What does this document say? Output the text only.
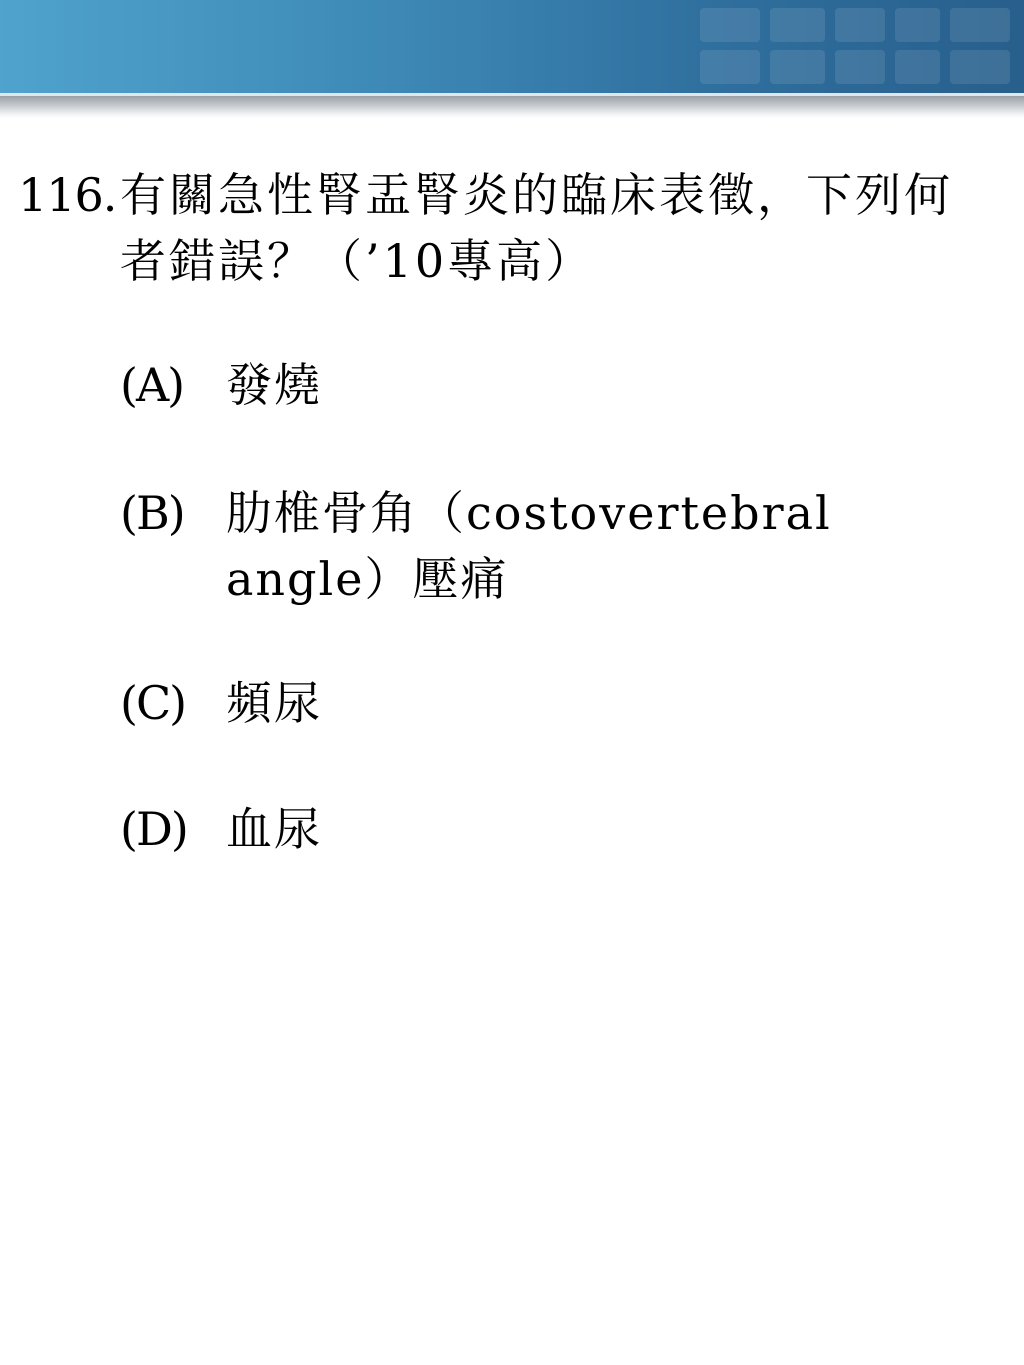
116. 有關急性腎盂腎炎的臨床表徵，下列何者錯誤？（’10專高）
(A) 發燒
(B) 肋椎骨角（costovertebral angle）壓痛
(C) 頻尿
(D) 血尿
